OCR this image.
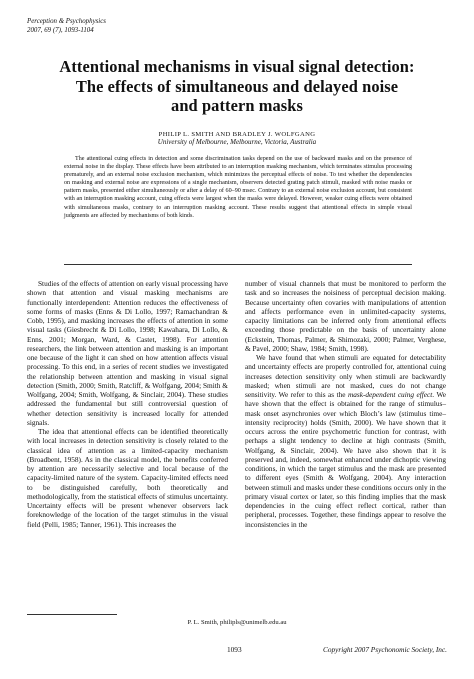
Perception & Psychophysics
2007, 69 (7), 1093-1104
Attentional mechanisms in visual signal detection:
The effects of simultaneous and delayed noise
and pattern masks
PHILIP L. SMITH AND BRADLEY J. WOLFGANG
University of Melbourne, Melbourne, Victoria, Australia
The attentional cuing effects in detection and some discrimination tasks depend on the use of backward masks and on the presence of external noise in the display. These effects have been attributed to an interruption masking mechanism, which terminates stimulus processing prematurely, and an external noise exclusion mechanism, which minimizes the perceptual effects of noise. To test whether the dependencies on masking and external noise are expressions of a single mechanism, observers detected grating patch stimuli, masked with noise masks or pattern masks, presented either simultaneously or after a delay of 60–90 msec. Contrary to an external noise exclusion account, but consistent with an interruption masking account, cuing effects were largest when the masks were delayed. However, weaker cuing effects were obtained with simultaneous masks, contrary to an interruption masking account. These results suggest that attentional effects in simple visual judgments are affected by mechanisms of both kinds.

Studies of the effects of attention on early visual processing have shown that attention and visual masking mechanisms are functionally interdependent: Attention reduces the effectiveness of some forms of masks (Enns & Di Lollo, 1997; Ramachandran & Cobb, 1995), and masking increases the effects of attention in some visual tasks (Giesbrecht & Di Lollo, 1998; Kawahara, Di Lollo, & Enns, 2001; Morgan, Ward, & Castet, 1998). For attention researchers, the link between attention and masking is an important one because of the light it can shed on how attention affects visual processing. To this end, in a series of recent studies we investigated the relationship between attention and masking in visual signal detection (Smith, 2000; Smith, Ratcliff, & Wolfgang, 2004; Smith & Wolfgang, 2004; Smith, Wolfgang, & Sinclair, 2004). These studies addressed the fundamental but still controversial question of whether detection sensitivity is increased locally for attended signals.

The idea that attentional effects can be identified theoretically with local increases in detection sensitivity is closely related to the classical idea of attention as a limited-capacity mechanism (Broadbent, 1958). As in the classical model, the benefits conferred by attention are necessarily selective and local because of the capacity-limited nature of the system. Capacity-limited effects need to be distinguished carefully, both theoretically and methodologically, from the statistical effects of stimulus uncertainty. Uncertainty effects will be present whenever observers lack foreknowledge of the location of the target stimulus in the visual field (Pelli, 1985; Tanner, 1961). This increases the

number of visual channels that must be monitored to perform the task and so increases the noisiness of perceptual decision making. Because uncertainty often covaries with manipulations of attention and affects performance even in unlimited-capacity systems, capacity limitations can be inferred only from attentional effects exceeding those predictable on the basis of uncertainty alone (Eckstein, Thomas, Palmer, & Shimozaki, 2000; Palmer, Verghese, & Pavel, 2000; Shaw, 1984; Smith, 1998).

We have found that when stimuli are equated for detectability and uncertainty effects are properly controlled for, attentional cuing increases detection sensitivity only when stimuli are backwardly masked; when stimuli are not masked, cues do not change sensitivity. We refer to this as the mask-dependent cuing effect. We have shown that the effect is obtained for the range of stimulus–mask onset asynchronies over which Bloch’s law (stimulus time–intensity reciprocity) holds (Smith, 2000). We have shown that it occurs across the entire psychometric function for contrast, with perhaps a slight tendency to decline at high contrasts (Smith, Wolfgang, & Sinclair, 2004). We have also shown that it is preserved and, indeed, somewhat enhanced under dichoptic viewing conditions, in which the target stimulus and the mask are presented to different eyes (Smith & Wolfgang, 2004). Any interaction between stimuli and masks under these conditions occurs only in the primary visual cortex or later, so this finding implies that the mask dependencies in the cuing effect reflect cortical, rather than peripheral, processes. Together, these findings appear to resolve the inconsistencies in the

P. L. Smith, philipls@unimelb.edu.au
1093	Copyright 2007 Psychonomic Society, Inc.
